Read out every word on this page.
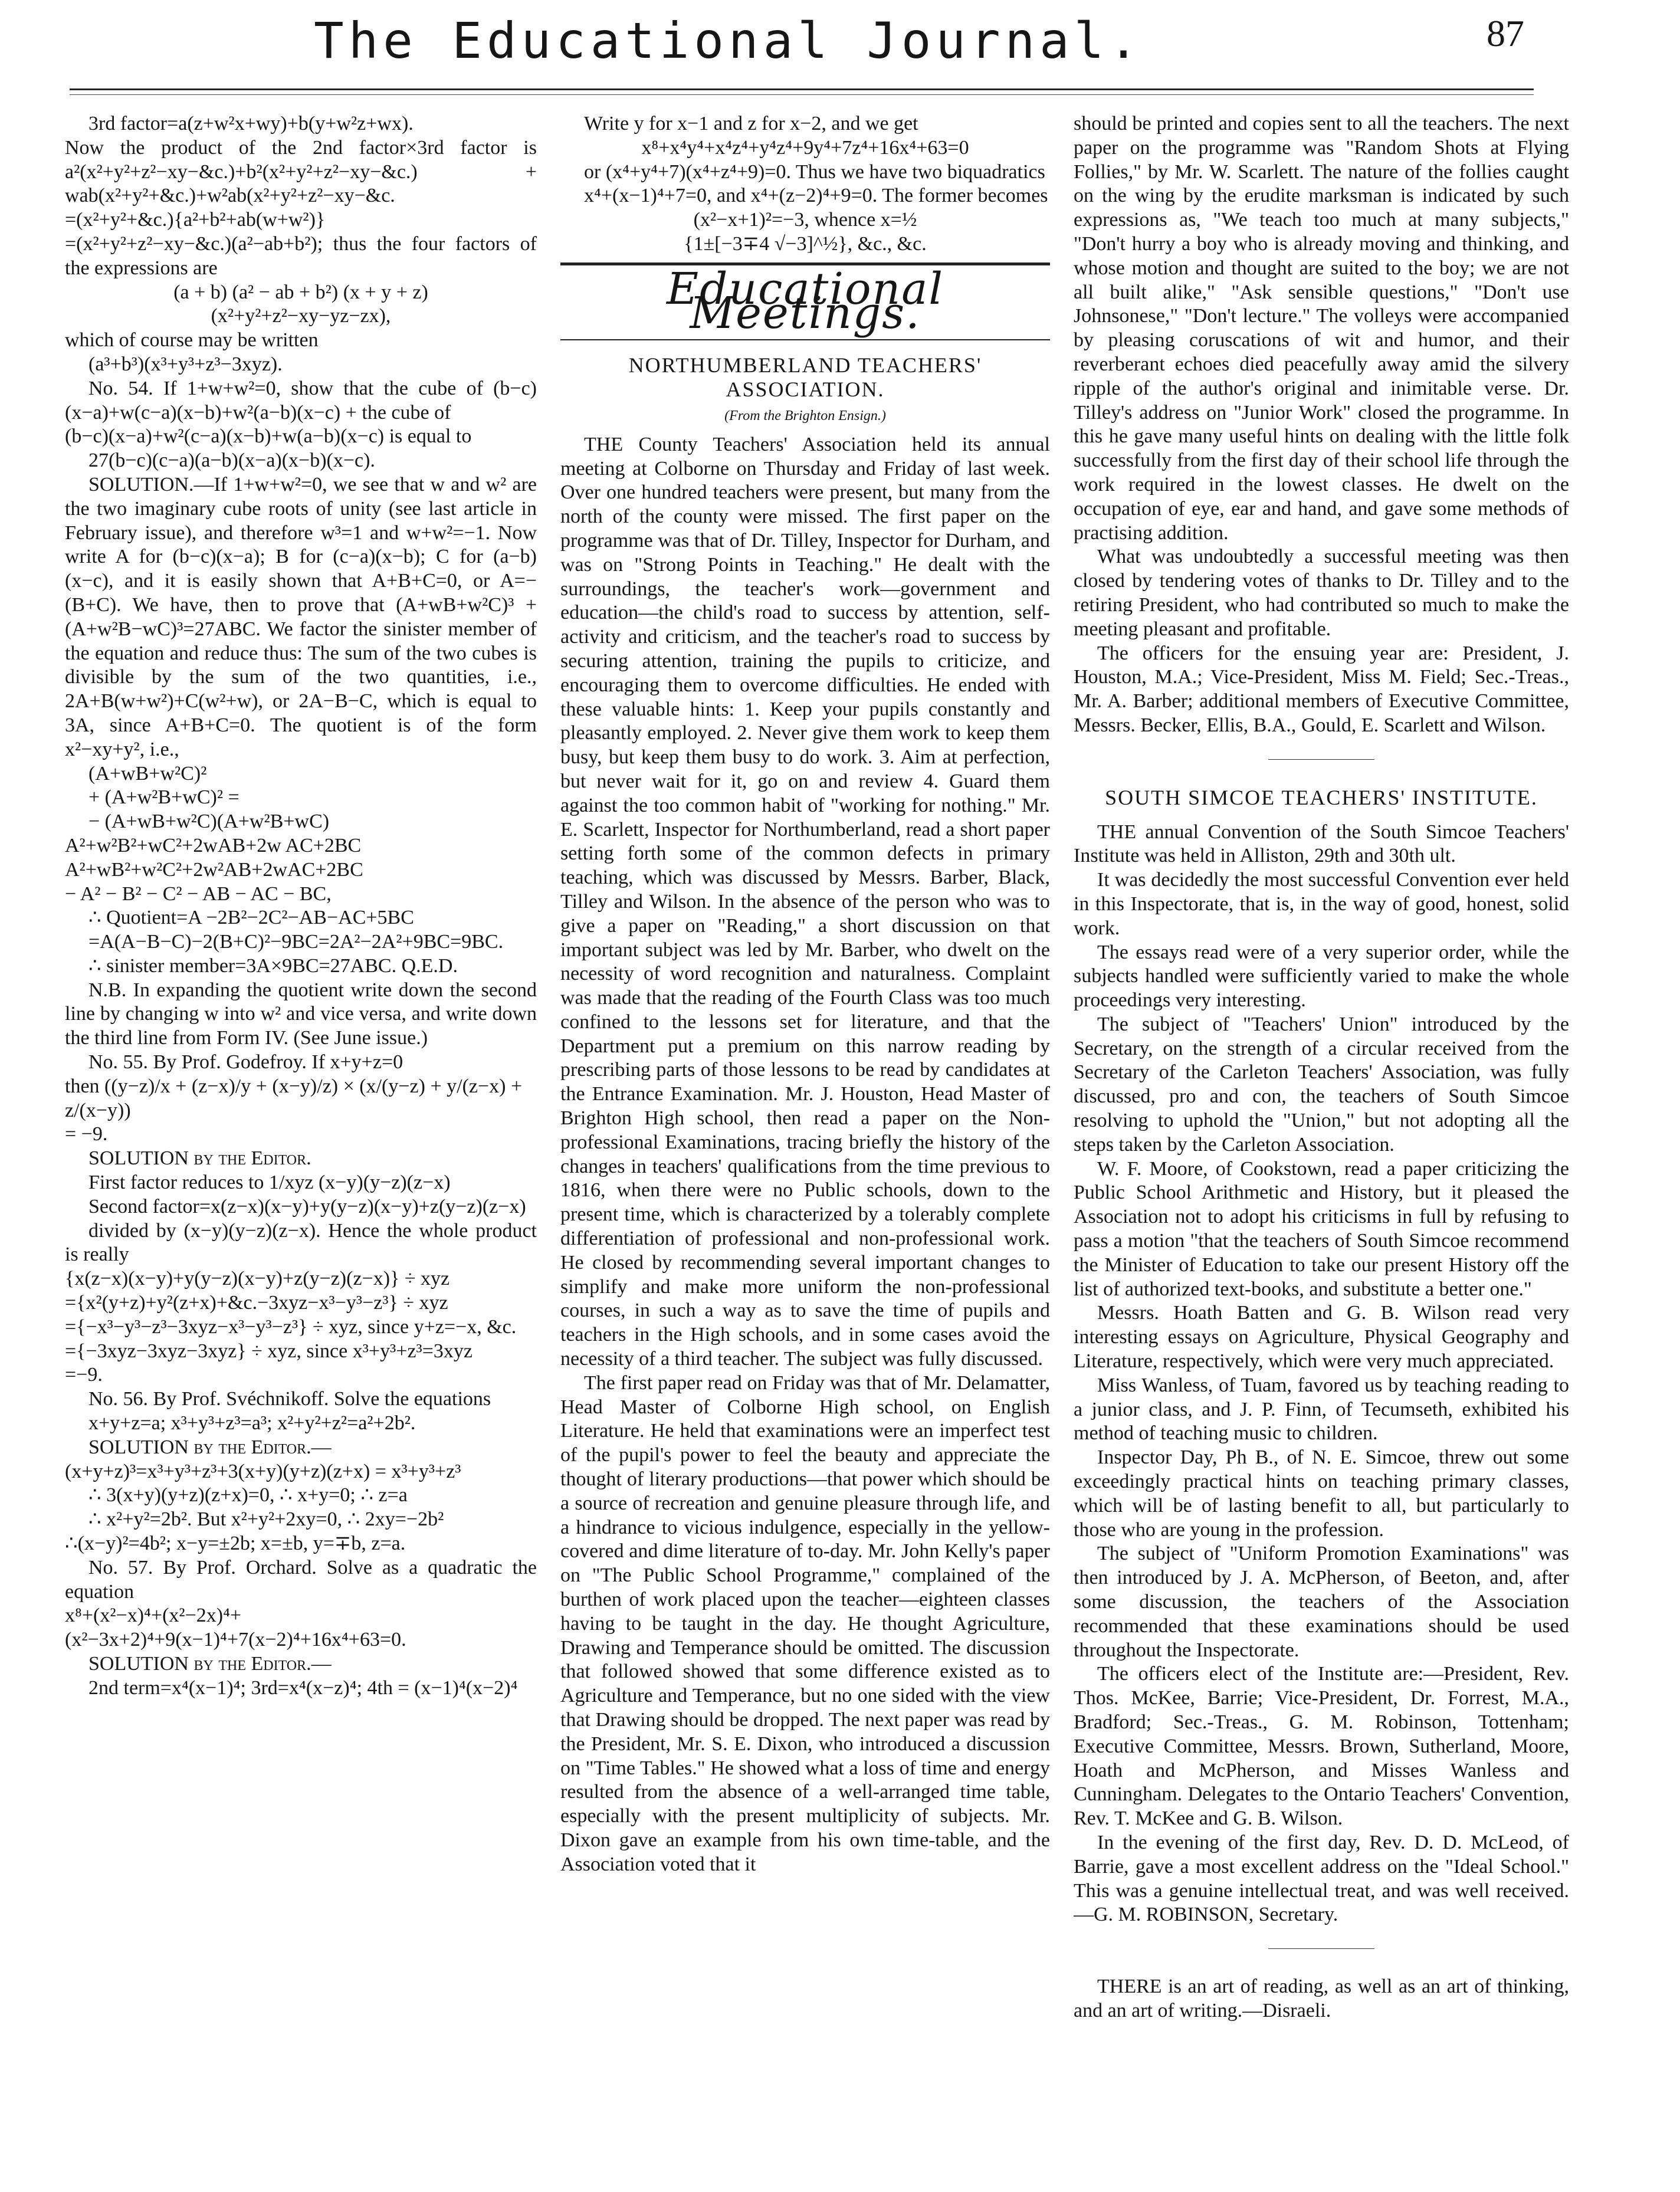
The Educational Journal.	87

3rd factor=a(z+w²x+wy)+b(y+w²z+wx).

Now the product of the 2nd factor×3rd factor is a²(x²+y²+z²−xy−&c.)+b²(x²+y²+z²−xy−&c.) + wab(x²+y²+&c.)+w²ab(x²+y²+z²−xy−&c.

=(x²+y²+&c.){a²+b²+ab(w+w²)}

=(x²+y²+z²−xy−&c.)(a²−ab+b²); thus the four factors of the expressions are

(a + b) (a² − ab + b²) (x + y + z)

(x²+y²+z²−xy−yz−zx),

which of course may be written

(a³+b³)(x³+y³+z³−3xyz).

No. 54. If 1+w+w²=0, show that the cube of (b−c)(x−a)+w(c−a)(x−b)+w²(a−b)(x−c) + the cube of

(b−c)(x−a)+w²(c−a)(x−b)+w(a−b)(x−c) is equal to

27(b−c)(c−a)(a−b)(x−a)(x−b)(x−c).

SOLUTION.—If 1+w+w²=0, we see that w and w² are the two imaginary cube roots of unity (see last article in February issue), and therefore w³=1 and w+w²=−1. Now write A for (b−c)(x−a); B for (c−a)(x−b); C for (a−b)(x−c), and it is easily shown that A+B+C=0, or A=−(B+C). We have, then to prove that (A+wB+w²C)³ + (A+w²B−wC)³=27ABC. We factor the sinister member of the equation and reduce thus: The sum of the two cubes is divisible by the sum of the two quantities, i.e., 2A+B(w+w²)+C(w²+w), or 2A−B−C, which is equal to 3A, since A+B+C=0. The quotient is of the form x²−xy+y², i.e.,

(A+wB+w²C)²

+ (A+w²B+wC)² =

− (A+wB+w²C)(A+w²B+wC)

A²+w²B²+wC²+2wAB+2w AC+2BC

A²+wB²+w²C²+2w²AB+2wAC+2BC

− A² − B² − C² − AB − AC − BC,

∴ Quotient=A −2B²−2C²−AB−AC+5BC

=A(A−B−C)−2(B+C)²−9BC=2A²−2A²+9BC=9BC.

∴ sinister member=3A×9BC=27ABC. Q.E.D.

N.B. In expanding the quotient write down the second line by changing w into w² and vice versa, and write down the third line from Form IV. (See June issue.)

No. 55. By Prof. Godefroy. If x+y+z=0

then ((y−z)/x + (z−x)/y + (x−y)/z) × (x/(y−z) + y/(z−x) + z/(x−y))

= −9.

SOLUTION by the Editor.

First factor reduces to 1/xyz (x−y)(y−z)(z−x)

Second factor=x(z−x)(x−y)+y(y−z)(x−y)+z(y−z)(z−x)

divided by (x−y)(y−z)(z−x). Hence the whole product is really

{x(z−x)(x−y)+y(y−z)(x−y)+z(y−z)(z−x)} ÷ xyz

={x²(y+z)+y²(z+x)+&c.−3xyz−x³−y³−z³} ÷ xyz

={−x³−y³−z³−3xyz−x³−y³−z³} ÷ xyz, since y+z=−x, &c.

={−3xyz−3xyz−3xyz} ÷ xyz, since x³+y³+z³=3xyz

=−9.

No. 56. By Prof. Svéchnikoff. Solve the equations

x+y+z=a; x³+y³+z³=a³; x²+y²+z²=a²+2b².

SOLUTION by the Editor.—

(x+y+z)³=x³+y³+z³+3(x+y)(y+z)(z+x) = x³+y³+z³

∴ 3(x+y)(y+z)(z+x)=0, ∴ x+y=0; ∴ z=a

∴ x²+y²=2b². But x²+y²+2xy=0, ∴ 2xy=−2b²

∴(x−y)²=4b²; x−y=±2b; x=±b, y=∓b, z=a.

No. 57. By Prof. Orchard. Solve as a quadratic the equation

x⁸+(x²−x)⁴+(x²−2x)⁴+(x²−3x+2)⁴+9(x−1)⁴+7(x−2)⁴+16x⁴+63=0.

SOLUTION by the Editor.—

2nd term=x⁴(x−1)⁴; 3rd=x⁴(x−z)⁴; 4th = (x−1)⁴(x−2)⁴

Write y for x−1 and z for x−2, and we get

x⁸+x⁴y⁴+x⁴z⁴+y⁴z⁴+9y⁴+7z⁴+16x⁴+63=0

or (x⁴+y⁴+7)(x⁴+z⁴+9)=0. Thus we have two biquadratics

x⁴+(x−1)⁴+7=0, and x⁴+(z−2)⁴+9=0. The former becomes

(x²−x+1)²=−3, whence x=½

{1±[−3∓4 √−3]^½}, &c., &c.

Educational Meetings.

NORTHUMBERLAND TEACHERS' ASSOCIATION.

(From the Brighton Ensign.)

THE County Teachers' Association held its annual meeting at Colborne on Thursday and Friday of last week. Over one hundred teachers were present, but many from the north of the county were missed. The first paper on the programme was that of Dr. Tilley, Inspector for Durham, and was on "Strong Points in Teaching." He dealt with the surroundings, the teacher's work—government and education—the child's road to success by attention, self-activity and criticism, and the teacher's road to success by securing attention, training the pupils to criticize, and encouraging them to overcome difficulties. He ended with these valuable hints: 1. Keep your pupils constantly and pleasantly employed. 2. Never give them work to keep them busy, but keep them busy to do work. 3. Aim at perfection, but never wait for it, go on and review 4. Guard them against the too common habit of "working for nothing." Mr. E. Scarlett, Inspector for Northumberland, read a short paper setting forth some of the common defects in primary teaching, which was discussed by Messrs. Barber, Black, Tilley and Wilson. In the absence of the person who was to give a paper on "Reading," a short discussion on that important subject was led by Mr. Barber, who dwelt on the necessity of word recognition and naturalness. Complaint was made that the reading of the Fourth Class was too much confined to the lessons set for literature, and that the Department put a premium on this narrow reading by prescribing parts of those lessons to be read by candidates at the Entrance Examination. Mr. J. Houston, Head Master of Brighton High school, then read a paper on the Non-professional Examinations, tracing briefly the history of the changes in teachers' qualifications from the time previous to 1816, when there were no Public schools, down to the present time, which is characterized by a tolerably complete differentiation of professional and non-professional work. He closed by recommending several important changes to simplify and make more uniform the non-professional courses, in such a way as to save the time of pupils and teachers in the High schools, and in some cases avoid the necessity of a third teacher. The subject was fully discussed.

The first paper read on Friday was that of Mr. Delamatter, Head Master of Colborne High school, on English Literature. He held that examinations were an imperfect test of the pupil's power to feel the beauty and appreciate the thought of literary productions—that power which should be a source of recreation and genuine pleasure through life, and a hindrance to vicious indulgence, especially in the yellow-covered and dime literature of to-day. Mr. John Kelly's paper on "The Public School Programme," complained of the burthen of work placed upon the teacher—eighteen classes having to be taught in the day. He thought Agriculture, Drawing and Temperance should be omitted. The discussion that followed showed that some difference existed as to Agriculture and Temperance, but no one sided with the view that Drawing should be dropped. The next paper was read by the President, Mr. S. E. Dixon, who introduced a discussion on "Time Tables." He showed what a loss of time and energy resulted from the absence of a well-arranged time table, especially with the present multiplicity of subjects. Mr. Dixon gave an example from his own time-table, and the Association voted that it

should be printed and copies sent to all the teachers. The next paper on the programme was "Random Shots at Flying Follies," by Mr. W. Scarlett. The nature of the follies caught on the wing by the erudite marksman is indicated by such expressions as, "We teach too much at many subjects," "Don't hurry a boy who is already moving and thinking, and whose motion and thought are suited to the boy; we are not all built alike," "Ask sensible questions," "Don't use Johnsonese," "Don't lecture." The volleys were accompanied by pleasing coruscations of wit and humor, and their reverberant echoes died peacefully away amid the silvery ripple of the author's original and inimitable verse. Dr. Tilley's address on "Junior Work" closed the programme. In this he gave many useful hints on dealing with the little folk successfully from the first day of their school life through the work required in the lowest classes. He dwelt on the occupation of eye, ear and hand, and gave some methods of practising addition.

What was undoubtedly a successful meeting was then closed by tendering votes of thanks to Dr. Tilley and to the retiring President, who had contributed so much to make the meeting pleasant and profitable.

The officers for the ensuing year are: President, J. Houston, M.A.; Vice-President, Miss M. Field; Sec.-Treas., Mr. A. Barber; additional members of Executive Committee, Messrs. Becker, Ellis, B.A., Gould, E. Scarlett and Wilson.

SOUTH SIMCOE TEACHERS' INSTITUTE.

THE annual Convention of the South Simcoe Teachers' Institute was held in Alliston, 29th and 30th ult.

It was decidedly the most successful Convention ever held in this Inspectorate, that is, in the way of good, honest, solid work.

The essays read were of a very superior order, while the subjects handled were sufficiently varied to make the whole proceedings very interesting.

The subject of "Teachers' Union" introduced by the Secretary, on the strength of a circular received from the Secretary of the Carleton Teachers' Association, was fully discussed, pro and con, the teachers of South Simcoe resolving to uphold the "Union," but not adopting all the steps taken by the Carleton Association.

W. F. Moore, of Cookstown, read a paper criticizing the Public School Arithmetic and History, but it pleased the Association not to adopt his criticisms in full by refusing to pass a motion "that the teachers of South Simcoe recommend the Minister of Education to take our present History off the list of authorized text-books, and substitute a better one."

Messrs. Hoath Batten and G. B. Wilson read very interesting essays on Agriculture, Physical Geography and Literature, respectively, which were very much appreciated.

Miss Wanless, of Tuam, favored us by teaching reading to a junior class, and J. P. Finn, of Tecumseth, exhibited his method of teaching music to children.

Inspector Day, Ph B., of N. E. Simcoe, threw out some exceedingly practical hints on teaching primary classes, which will be of lasting benefit to all, but particularly to those who are young in the profession.

The subject of "Uniform Promotion Examinations" was then introduced by J. A. McPherson, of Beeton, and, after some discussion, the teachers of the Association recommended that these examinations should be used throughout the Inspectorate.

The officers elect of the Institute are:—President, Rev. Thos. McKee, Barrie; Vice-President, Dr. Forrest, M.A., Bradford; Sec.-Treas., G. M. Robinson, Tottenham; Executive Committee, Messrs. Brown, Sutherland, Moore, Hoath and McPherson, and Misses Wanless and Cunningham. Delegates to the Ontario Teachers' Convention, Rev. T. McKee and G. B. Wilson.

In the evening of the first day, Rev. D. D. McLeod, of Barrie, gave a most excellent address on the "Ideal School." This was a genuine intellectual treat, and was well received.—G. M. ROBINSON, Secretary.

THERE is an art of reading, as well as an art of thinking, and an art of writing.—Disraeli.
